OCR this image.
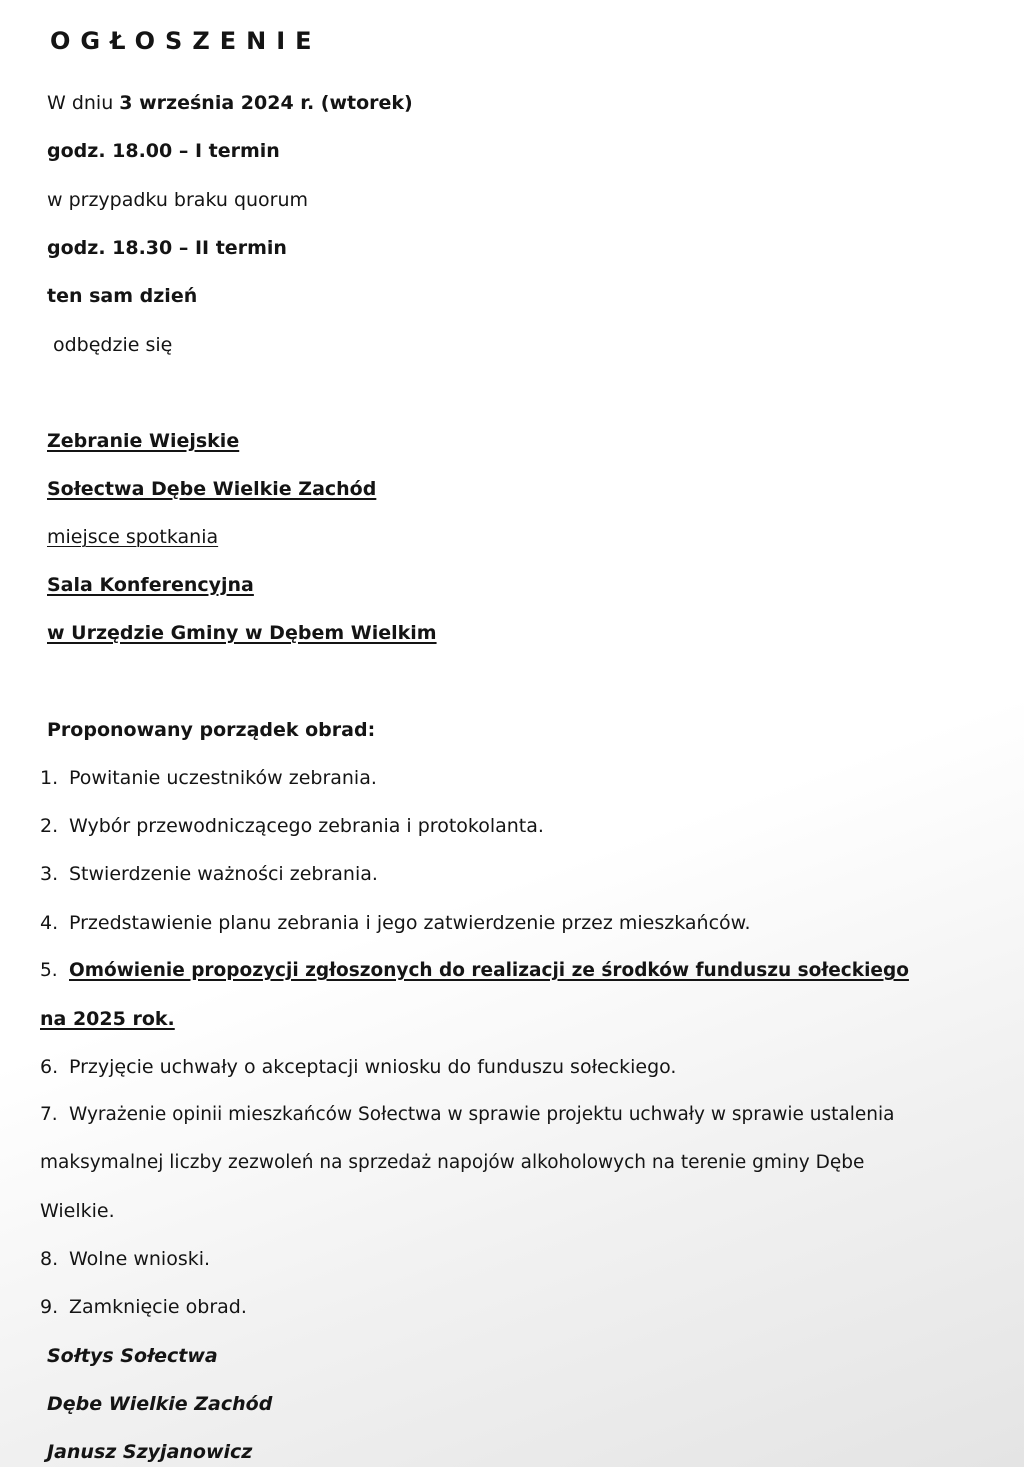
OGŁOSZENIE

W dniu 3 września 2024 r. (wtorek)

godz. 18.00 – I termin

w przypadku braku quorum

godz. 18.30 – II termin

ten sam dzień

odbędzie się

Zebranie Wiejskie

Sołectwa Dębe Wielkie Zachód

miejsce spotkania

Sala Konferencyjna

w Urzędzie Gminy w Dębem Wielkim

Proponowany porządek obrad:

1. Powitanie uczestników zebrania.

2. Wybór przewodniczącego zebrania i protokolanta.

3. Stwierdzenie ważności zebrania.

4. Przedstawienie planu zebrania i jego zatwierdzenie przez mieszkańców.

5. Omówienie propozycji zgłoszonych do realizacji ze środków funduszu sołeckiego

na 2025 rok.

6. Przyjęcie uchwały o akceptacji wniosku do funduszu sołeckiego.

7. Wyrażenie opinii mieszkańców Sołectwa w sprawie projektu uchwały w sprawie ustalenia

maksymalnej liczby zezwoleń na sprzedaż napojów alkoholowych na terenie gminy Dębe

Wielkie.

8. Wolne wnioski.

9. Zamknięcie obrad.

Sołtys Sołectwa

Dębe Wielkie Zachód

Janusz Szyjanowicz
